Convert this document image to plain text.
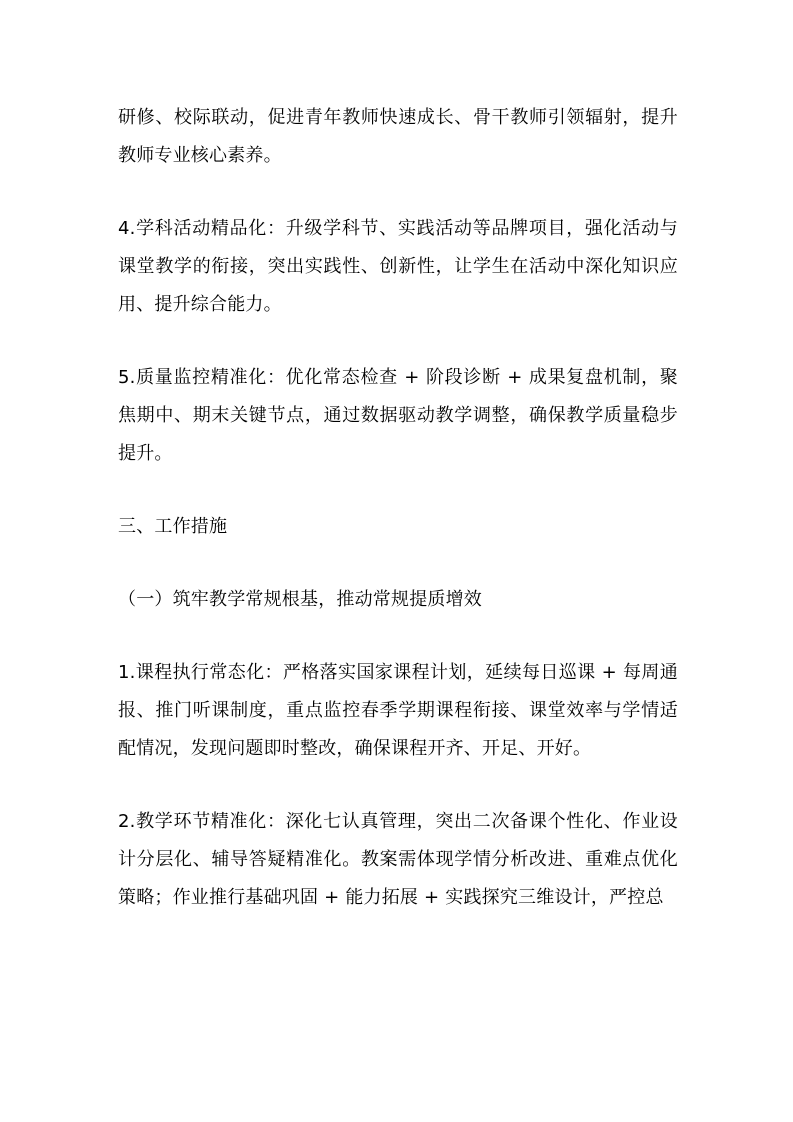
研修、校际联动，促进青年教师快速成长、骨干教师引领辐射，提升教师专业核心素养。

4.学科活动精品化：升级学科节、实践活动等品牌项目，强化活动与课堂教学的衔接，突出实践性、创新性，让学生在活动中深化知识应用、提升综合能力。

5.质量监控精准化：优化常态检查 + 阶段诊断 + 成果复盘机制，聚焦期中、期末关键节点，通过数据驱动教学调整，确保教学质量稳步提升。

三、工作措施

（一）筑牢教学常规根基，推动常规提质增效

1.课程执行常态化：严格落实国家课程计划，延续每日巡课 + 每周通报、推门听课制度，重点监控春季学期课程衔接、课堂效率与学情适配情况，发现问题即时整改，确保课程开齐、开足、开好。

2.教学环节精准化：深化七认真管理，突出二次备课个性化、作业设计分层化、辅导答疑精准化。教案需体现学情分析改进、重难点优化策略；作业推行基础巩固 + 能力拓展 + 实践探究三维设计，严控总
